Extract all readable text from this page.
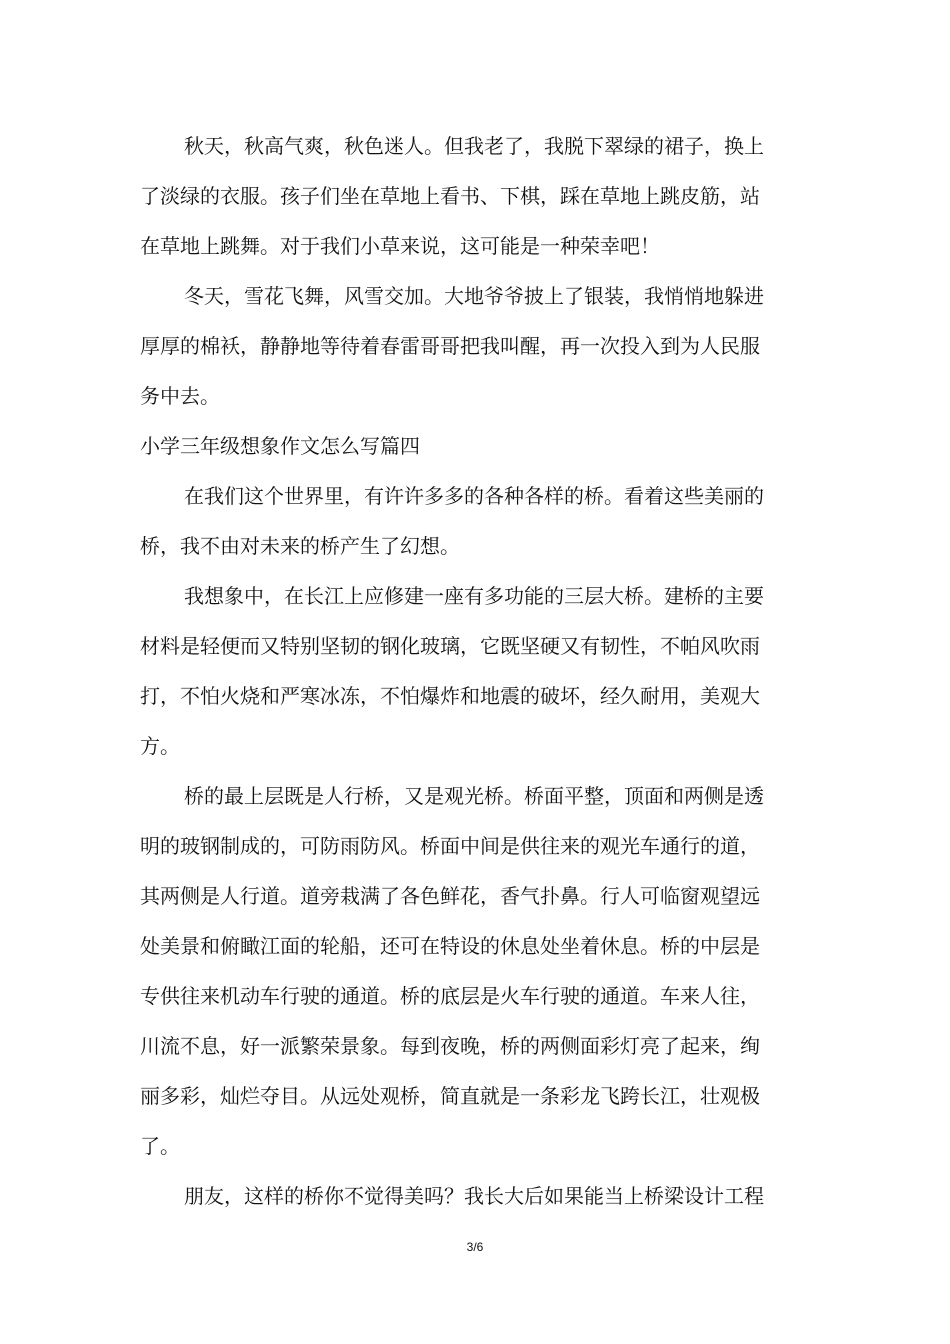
秋天，秋高气爽，秋色迷人。但我老了，我脱下翠绿的裙子，换上
了淡绿的衣服。孩子们坐在草地上看书、下棋，踩在草地上跳皮筋，站
在草地上跳舞。对于我们小草来说，这可能是一种荣幸吧！
冬天，雪花飞舞，风雪交加。大地爷爷披上了银装，我悄悄地躲进
厚厚的棉袄，静静地等待着春雷哥哥把我叫醒，再一次投入到为人民服
务中去。
小学三年级想象作文怎么写篇四
在我们这个世界里，有许许多多的各种各样的桥。看着这些美丽的
桥，我不由对未来的桥产生了幻想。
我想象中，在长江上应修建一座有多功能的三层大桥。建桥的主要
材料是轻便而又特别坚韧的钢化玻璃，它既坚硬又有韧性，不帕风吹雨
打，不怕火烧和严寒冰冻，不怕爆炸和地震的破坏，经久耐用，美观大
方。
桥的最上层既是人行桥，又是观光桥。桥面平整，顶面和两侧是透
明的玻钢制成的，可防雨防风。桥面中间是供往来的观光车通行的道，
其两侧是人行道。道旁栽满了各色鲜花，香气扑鼻。行人可临窗观望远
处美景和俯瞰江面的轮船，还可在特设的休息处坐着休息。桥的中层是
专供往来机动车行驶的通道。桥的底层是火车行驶的通道。车来人往，
川流不息，好一派繁荣景象。每到夜晚，桥的两侧面彩灯亮了起来，绚
丽多彩，灿烂夺目。从远处观桥，简直就是一条彩龙飞跨长江，壮观极
了。
朋友，这样的桥你不觉得美吗？我长大后如果能当上桥梁设计工程
3/6
